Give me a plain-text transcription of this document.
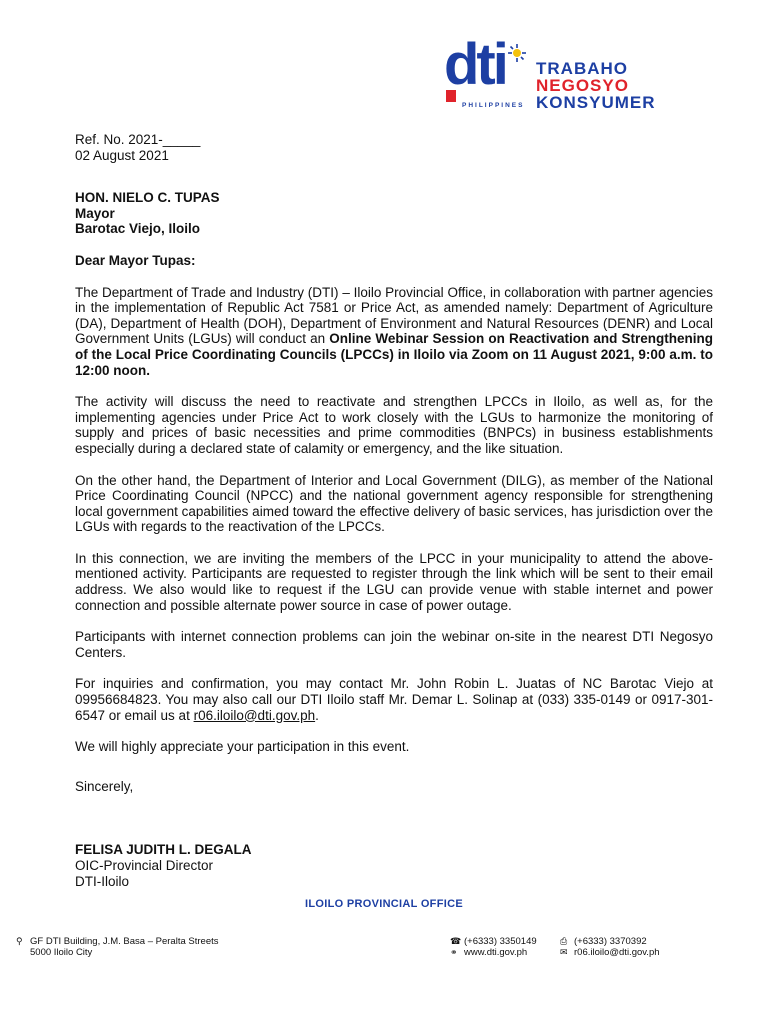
dti
PHILIPPINES
TRABAHO
NEGOSYO
KONSYUMER

Ref. No. 2021-_____

02 August 2021

HON. NIELO C. TUPAS

Mayor

Barotac Viejo, Iloilo

Dear Mayor Tupas:

The Department of Trade and Industry (DTI) – Iloilo Provincial Office, in collaboration with partner agencies in the implementation of Republic Act 7581 or Price Act, as amended namely: Department of Agriculture (DA), Department of Health (DOH), Department of Environment and Natural Resources (DENR) and Local Government Units (LGUs) will conduct an Online Webinar Session on Reactivation and Strengthening of the Local Price Coordinating Councils (LPCCs) in Iloilo via Zoom on 11 August 2021, 9:00 a.m. to 12:00 noon.

The activity will discuss the need to reactivate and strengthen LPCCs in Iloilo, as well as, for the implementing agencies under Price Act to work closely with the LGUs to harmonize the monitoring of supply and prices of basic necessities and prime commodities (BNPCs) in business establishments especially during a declared state of calamity or emergency, and the like situation.

On the other hand, the Department of Interior and Local Government (DILG), as member of the National Price Coordinating Council (NPCC) and the national government agency responsible for strengthening local government capabilities aimed toward the effective delivery of basic services, has jurisdiction over the LGUs with regards to the reactivation of the LPCCs.

In this connection, we are inviting the members of the LPCC in your municipality to attend the above-mentioned activity. Participants are requested to register through the link which will be sent to their email address. We also would like to request if the LGU can provide venue with stable internet and power connection and possible alternate power source in case of power outage.

Participants with internet connection problems can join the webinar on-site in the nearest DTI Negosyo Centers.

For inquiries and confirmation, you may contact Mr. John Robin L. Juatas of NC Barotac Viejo at 09956684823. You may also call our DTI Iloilo staff Mr. Demar L. Solinap at (033) 335-0149 or 0917-301-6547 or email us at r06.iloilo@dti.gov.ph.

We will highly appreciate your participation in this event.

Sincerely,

FELISA JUDITH L. DEGALA

OIC-Provincial Director

DTI-Iloilo

ILOILO PROVINCIAL OFFICE
⚲ GF DTI Building, J.M. Basa – Peralta Streets
5000 Iloilo City
☎ (+6333) 3350149
⚭ www.dti.gov.ph
⎙ (+6333) 3370392
✉ r06.iloilo@dti.gov.ph
